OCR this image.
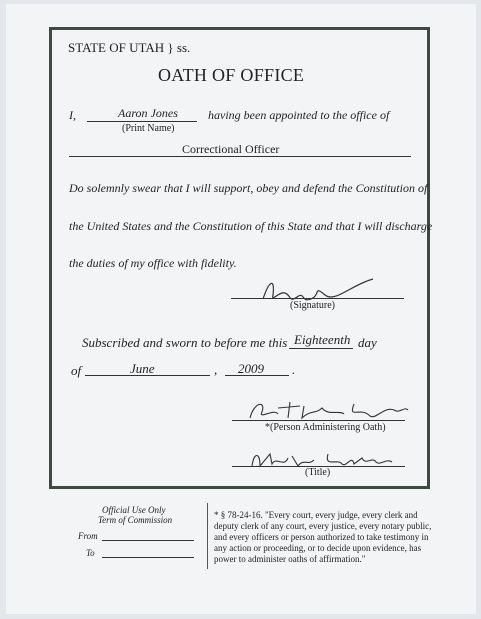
STATE OF UTAH } ss.
OATH OF OFFICE
I,	Aaron Jones
(Print Name)
having been appointed to the office of
Correctional Officer
Do solemnly swear that I will support, obey and defend the Constitution of
the United States and the Constitution of this State and that I will discharge
the duties of my office with fidelity.
(Signature)
Subscribed and sworn to before me this Eighteenth day
of	June	, 2009 .
*(Person Administering Oath)
(Title)
Official Use Only
Term of Commission
From
To
* § 78-24-16. "Every court, every judge, every clerk and
deputy clerk of any court, every justice, every notary public,
and every officers or person authorized to take testimony in
any action or proceeding, or to decide upon evidence, has
power to administer oaths of affirmation."
